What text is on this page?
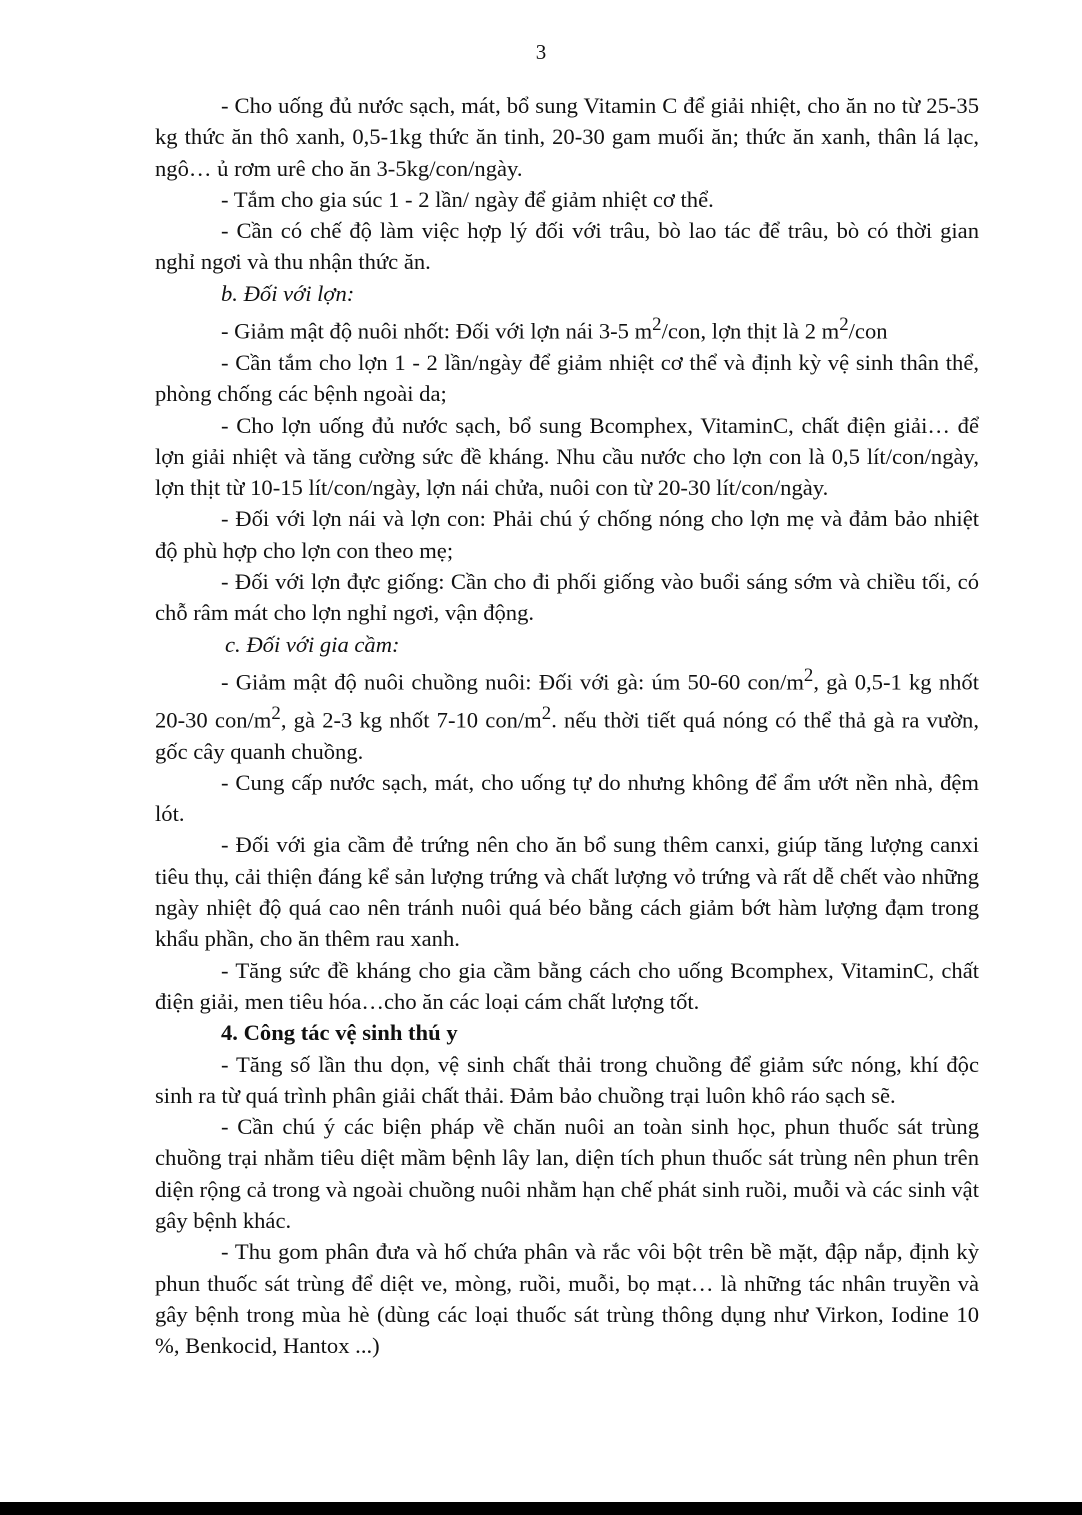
3

- Cho uống đủ nước sạch, mát, bổ sung Vitamin C để giải nhiệt, cho ăn no từ 25-35 kg thức ăn thô xanh, 0,5-1kg thức ăn tinh, 20-30 gam muối ăn; thức ăn xanh, thân lá lạc, ngô… ủ rơm urê cho ăn 3-5kg/con/ngày.

- Tắm cho gia súc 1 - 2 lần/ ngày để giảm nhiệt cơ thể.

- Cần có chế độ làm việc hợp lý đối với trâu, bò lao tác để trâu, bò có thời gian nghỉ ngơi và thu nhận thức ăn.

b. Đối với lợn:

- Giảm mật độ nuôi nhốt: Đối với lợn nái 3-5 $m^2$/con, lợn thịt là 2 $m^2$/con

- Cần tắm cho lợn 1 - 2 lần/ngày để giảm nhiệt cơ thể và định kỳ vệ sinh thân thể, phòng chống các bệnh ngoài da;

- Cho lợn uống đủ nước sạch, bổ sung Bcomphex, VitaminC, chất điện giải… để lợn giải nhiệt và tăng cường sức đề kháng. Nhu cầu nước cho lợn con là 0,5 lít/con/ngày, lợn thịt từ 10-15 lít/con/ngày, lợn nái chửa, nuôi con từ 20-30 lít/con/ngày.

- Đối với lợn nái và lợn con: Phải chú ý chống nóng cho lợn mẹ và đảm bảo nhiệt độ phù hợp cho lợn con theo mẹ;

- Đối với lợn đực giống: Cần cho đi phối giống vào buổi sáng sớm và chiều tối, có chỗ râm mát cho lợn nghỉ ngơi, vận động.

c. Đối với gia cầm:

- Giảm mật độ nuôi chuồng nuôi: Đối với gà: úm 50-60 con/$m^2$, gà 0,5-1 kg nhốt 20-30 con/$m^2$, gà 2-3 kg nhốt 7-10 con/$m^2$. nếu thời tiết quá nóng có thể thả gà ra vườn, gốc cây quanh chuồng.

- Cung cấp nước sạch, mát, cho uống tự do nhưng không để ẩm ướt nền nhà, đệm lót.

- Đối với gia cầm đẻ trứng nên cho ăn bổ sung thêm canxi, giúp tăng lượng canxi tiêu thụ, cải thiện đáng kể sản lượng trứng và chất lượng vỏ trứng và rất dễ chết vào những ngày nhiệt độ quá cao nên tránh nuôi quá béo bằng cách giảm bớt hàm lượng đạm trong khẩu phần, cho ăn thêm rau xanh.

- Tăng sức đề kháng cho gia cầm bằng cách cho uống Bcomphex, VitaminC, chất điện giải, men tiêu hóa…cho ăn các loại cám chất lượng tốt.

4. Công tác vệ sinh thú y

- Tăng số lần thu dọn, vệ sinh chất thải trong chuồng để giảm sức nóng, khí độc sinh ra từ quá trình phân giải chất thải. Đảm bảo chuồng trại luôn khô ráo sạch sẽ.

- Cần chú ý các biện pháp về chăn nuôi an toàn sinh học, phun thuốc sát trùng chuồng trại nhằm tiêu diệt mầm bệnh lây lan, diện tích phun thuốc sát trùng nên phun trên diện rộng cả trong và ngoài chuồng nuôi nhằm hạn chế phát sinh ruồi, muỗi và các sinh vật gây bệnh khác.

- Thu gom phân đưa và hố chứa phân và rắc vôi bột trên bề mặt, đập nắp, định kỳ phun thuốc sát trùng để diệt ve, mòng, ruồi, muỗi, bọ mạt… là những tác nhân truyền và gây bệnh trong mùa hè (dùng các loại thuốc sát trùng thông dụng như Virkon, Iodine 10 %, Benkocid, Hantox ...)
